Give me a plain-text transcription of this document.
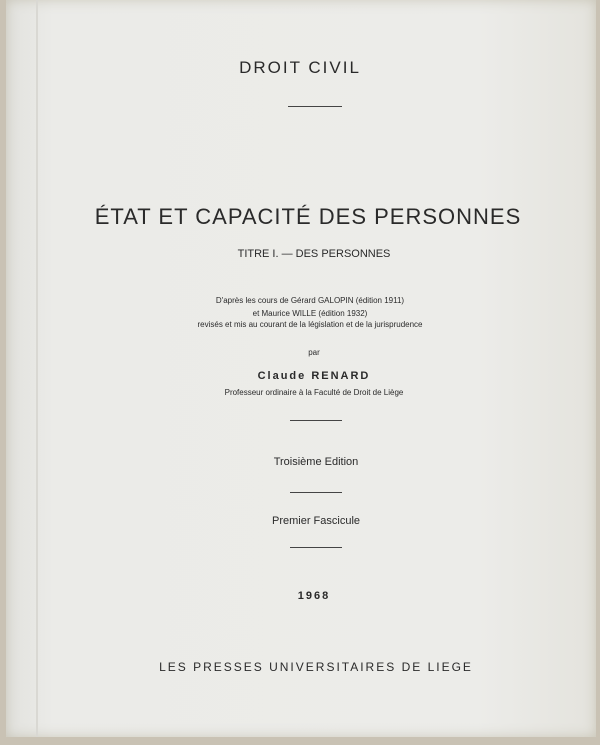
DROIT CIVIL

ÉTAT ET CAPACITÉ DES PERSONNES

TITRE I. — DES PERSONNES

D'après les cours de Gérard GALOPIN (édition 1911)

et Maurice WILLE (édition 1932)

revisés et mis au courant de la législation et de la jurisprudence

par

Claude RENARD

Professeur ordinaire à la Faculté de Droit de Liège

Troisième Edition

Premier Fascicule

1968

LES PRESSES UNIVERSITAIRES DE LIEGE
